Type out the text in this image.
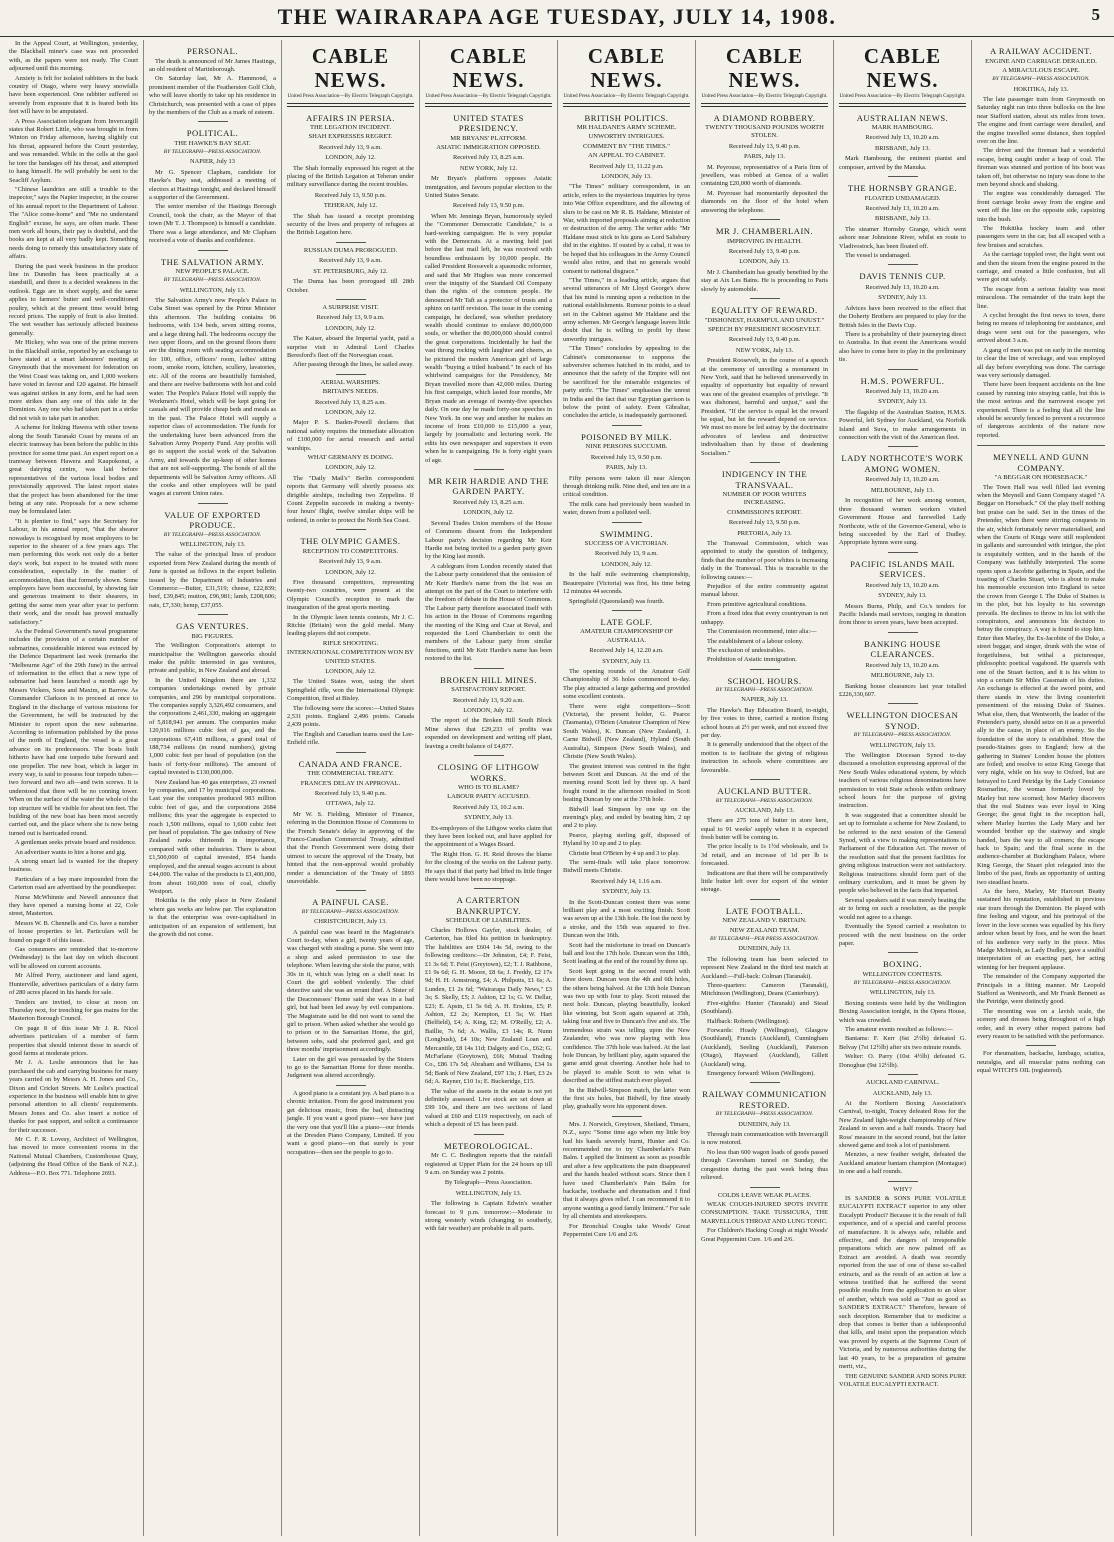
THE WAIRARAPA AGE TUESDAY, JULY 14, 1908.	5

In the Appeal Court, at Wellington, yesterday, the Blackball miner's case was not proceeded with, as the papers were not ready. The Court adjourned until this morning.

Anxiety is felt for isolated rabbiters in the back country of Otago, where very heavy snowfalls have been experienced. One rabbiter suffered so severely from exposure that it is feared both his feet will have to be amputated.

A Press Association telegram from Invercargill states that Robert Little, who was brought in from Winton on Friday afternoon, having slightly cut his throat, appeared before the Court yesterday, and was remanded. While in the cells at the gaol he tore the bandages off his throat, and attempted to hang himself. He will probably be sent to the Seacliff Asylum.

"Chinese laundries are still a trouble to the inspector," says the Napier inspector, in the course of his annual report to the Department of Labour. The "Alice come-home" and "Me no understand English" excuse, he says, are often made. These men work all hours, their pay is doubtful, and the books are kept at all very badly kept. Something needs doing to remedy this unsatisfactory state of affairs.

During the past week business in the produce line in Dunedin has been practically at a standstill, and there is a decided weakness in the outlook. Eggs are in short supply, and the same applies to farmers' butter and well-conditioned poultry, which at the present time would bring record prices. The supply of fruit is also limited. The wet weather has seriously affected business generally.

Mr Hickey, who was one of the prime movers in the Blackball strike, reported by an exchange to have stated at a smart labourers' meeting at Greymouth that the movement for federation on the West Coast was taking on, and 1,000 workers have voted in favour and 120 against. He himself was against strikes in any form, and he had seen more strikes than any one of this side in the Dominion. Any one who had taken part in a strike did not wish to take part in another.

A scheme for linking Hawera with other towns along the South Taranaki Coast by means of an electric tramway has been before the public in this province for some time past. An expert report on a tramway between Hawera and Kaupokonui, a great dairying centre, was laid before representatives of the various local bodies and provisionally approved. The latest report states that the project has been abandoned for the time being at any rate. Proposals for a new scheme may be formulated later.

"It is plentier to find," says the Secretary for Labour, in his annual report, "that the shearer nowadays is recognised by most employers to be superior to the shearer of a few years ago. The men performing this work not only do a better day's work, but expect to be treated with more consideration, especially in the matter of accommodation, than that formerly shown. Some employers have been successful, by showing fair and generous treatment to their shearers, in getting the same men year after year to perform their work, and the result has proved mutually satisfactory."

As the Federal Government's naval programme includes the provision of a certain number of submarines, considerable interest was evinced by the Defence Department last week (remarks the "Melbourne Age" of the 29th June) in the arrival of information to the effect that a new type of submarine had been launched a month ago by Messrs Vickers, Sons and Maxim, at Barrow. As Commander Clarkson is to proceed at once to England in the discharge of various missions for the Government, he will be instructed by the Minister to report upon the new submarine. According to information published by the press of the north of England, the vessel is a great advance on its predecessors. The boats built hitherto have had one torpedo tube forward and one propeller. The new boat, which is larger in every way, is said to possess four torpedo tubes—two forward and two aft—and twin screws. It is understood that there will be no conning tower. When on the surface of the water the whole of the top structure will be visible for about ten feet. The building of the new boat has been most secretly carried out, and the place where she is now being turned out is barricaded round.

A gentleman seeks private board and residence.

An advertiser wants to hire a horse and gig.

A strong smart lad is wanted for the drapery business.

Particulars of a bay mare impounded from the Carterton road are advertised by the poundkeeper.

Nurse McWhinnie and Newell announce that they have opened a nursing home at 22, Cole street, Masterton.

Messrs W. B. Chennells and Co. have a number of house properties to let. Particulars will be found on page 8 of this issue.

Gas consumers are reminded that to-morrow (Wednesday) is the last day on which discount will be allowed on current accounts.

Mr Alfred Perry, auctioneer and land agent, Hunterville, advertises particulars of a dairy farm of 280 acres placed in his hands for sale.

Tenders are invited, to close at noon on Thursday next, for trenching for gas mains for the Masterton Borough Council.

On page 8 of this issue Mr J. R. Nicol advertises particulars of a number of farm properties that should interest those in search of good farms at moderate prices.

Mr J. A. Leslie announces that he has purchased the cab and carrying business for many years carried on by Messrs A. H. Jones and Co., Dixon and Cricket Streets. Mr Leslie's practical experience in the business will enable him to give personal attention to all clients' requirements. Messrs Jones and Co. also insert a notice of thanks for past support, and solicit a continuance for their successor.

Mr C. F. R. Lovesy, Architect of Wellington, has moved to more convenient rooms in the National Mutual Chambers, Customhouse Quay, (adjoining the Head Office of the Bank of N.Z.). Address—P.O. Box 771. Telephone 2693.

PERSONAL.

The death is announced of Mr James Hastings, an old resident of Martinborough.

On Saturday last, Mr A. Hammond, a prominent member of the Featherston Golf Club, who will leave shortly to take up his residence in Christchurch, was presented with a case of pipes by the members of the Club as a mark of esteem.

POLITICAL.
THE HAWKE'S BAY SEAT.
BY TELEGRAPH—PRESS ASSOCIATION.
NAPIER, July 13

Mr G. Spencer Clapham, candidate for Hawke's Bay seat, addressed a meeting of electors at Hastings tonight, and declared himself a supporter of the Government.

The senior member of the Hastings Borough Council, took the chair, as the Mayor of that town (Mr T. J. Thompson) is himself a candidate. There was a large attendance, and Mr Clapham received a vote of thanks and confidence.

THE SALVATION ARMY.
NEW PEOPLE'S PALACE.
BY TELEGRAPH—PRESS ASSOCIATION.
WELLINGTON, July 13.

The Salvation Army's new People's Palace in Cuba Street was opened by the Prime Minister this afternoon. The building contains 96 bedrooms, with 134 beds, seven sitting rooms, and a large dining hall. The bedrooms occupy the two upper floors, and on the ground floors there are the dining room with seating accommodation for 100, office, officers' room, ladies' sitting room, smoke room, kitchen, scullery, lavatories, etc. All of the rooms are beautifully furnished, and there are twelve bathrooms with hot and cold water. The People's Palace Hotel will supply the Workmen's Hotel, which will be kept going for casuals and will provide cheap beds and meals as in the past. The Palace Hotel will supply a superior class of accommodation. The funds for the undertaking have been advanced from the Salvation Army Property Fund. Any profits will go to support the social work of the Salvation Army, and towards the up-keep of other homes that are not self-supporting. The bonds of all the departments will be Salvation Army officers. All the cooks and other employees will be paid wages at current Union rates.

VALUE OF EXPORTED PRODUCE.
BY TELEGRAPH—PRESS ASSOCIATION.
WELLINGTON, July 13.

The value of the principal lines of produce exported from New Zealand during the month of June is quoted as follows in the export bulletin issued by the Department of Industries and Commerce:—Butter, £31,519; cheese, £22,839; beef, £39,845; mutton, £96,981; lamb, £208,606; oats, £7,330; hemp, £37,055.

GAS VENTURES.
BIG FIGURES.

The Wellington Corporation's attempt to municipalise the Wellington gasworks should make the public interested in gas ventures, private and public, in New Zealand and abroad.

In the United Kingdom there are 1,332 companies undertakings owned by private companies, and 296 by municipal corporations. The companies supply 3,326,492 consumers, and the corporations 2,461,330, making an aggregate of 5,818,941 per annum. The companies make 120,916 millions cubic feet of gas, and the corporations 67,418 millions, a grand total of 188,734 millions (in round numbers), giving 1,000 cubic feet per head of population (on the basis of forty-four millions). The amount of capital invested is £130,000,000.

New Zealand has 40 gas enterprises, 23 owned by companies, and 17 by municipal corporations. Last year the companies produced 983 million cubic feet of gas, and the corporations 2684 millions; this year the aggregate is expected to reach 1,500 millions, equal to 1,600 cubic feet per head of population. The gas industry of New Zealand ranks thirteenth in importance, compared with other industries. There is about £1,500,000 of capital invested, 854 hands employed, and the annual wages account is about £44,000. The value of the products is £1,400,000, from about 160,000 tons of coal, chiefly Westport.

Hokitika is the only place in New Zealand where gas works are below par. The explanation is that the enterprise was over-capitalised in anticipation of an expansion of settlement, but the growth did not come.

CABLE NEWS.
United Press Association—By Electric Telegraph Copyright.
AFFAIRS IN PERSIA.
THE LEGATION INCIDENT.
SHAH EXPRESSES REGRET.
Received July 13, 9 a.m.
LONDON, July 12.

The Shah formally expressed his regret at the placing of the British Legation at Teheran under military surveillance during the recent troubles.

Received July 13, 9.50 p.m.
TEHERAN, July 12.

The Shah has issued a receipt promising security of the lives and property of refugees at the British Legation here.

RUSSIAN DUMA PROROGUED.
Received July 13, 9 a.m.
ST. PETERSBURG, July 12.

The Duma has been prorogued till 28th October.

A SURPRISE VISIT.
Received July 13, 9.9 a.m.
LONDON, July 12.

The Kaiser, aboard the Imperial yacht, paid a surprise visit to Admiral Lord Charles Beresford's fleet off the Norwegian coast.

After passing through the lines, he sailed away.

AERIAL WARSHIPS.
BRITAIN'S NEEDS.
Received July 13, 8.25 a.m.
LONDON, July 12.

Major P. S. Baden-Powell declares that national safety requires the immediate allocation of £100,000 for aerial research and aerial warships.

WHAT GERMANY IS DOING.
LONDON, July 12.

The "Daily Mail's" Berlin correspondent reports that Germany will shortly possess six dirigible airships, including two Zeppelins. If Count Zeppelin succeeds in making a twenty-four hours' flight, twelve similar ships will be ordered, in order to protect the North Sea Coast.

THE OLYMPIC GAMES.
RECEPTION TO COMPETITORS.
Received July 13, 9 a.m.
LONDON, July 12.

Five thousand competitors, representing twenty-two countries, were present at the Olympic Council's reception to mark the inauguration of the great sports meeting.

In the Olympic lawn tennis contests, Mr J. C. Ritchie (Britain) won the gold medal. Many leading players did not compete.

RIFLE SHOOTING.
INTERNATIONAL COMPETITION WON BY UNITED STATES.
LONDON, July 12.

The United States won, using the short Springfield rifle, won the International Olympic Competition, fired at Bisley.

The following were the scores:—United States 2,531 points. England 2,496 points. Canada 2,439 points.

The English and Canadian teams used the Lee-Enfield rifle.

CANADA AND FRANCE.
THE COMMERCIAL TREATY.
FRANCE'S DELAY IN APPROVAL.
Received July 13, 9.40 p.m.
OTTAWA, July 12.

Mr W. S. Fielding, Minister of Finance, referring in the Dominion House of Commons to the French Senate's delay in approving of the Franco-Canadian Commercial Treaty, admitted that the French Government were doing their utmost to secure the approval of the Treaty, but hinted that the non-approval would probably render a denunciation of the Treaty of 1893 unavoidable.

A PAINFUL CASE.
BY TELEGRAPH—PRESS ASSOCIATION.
CHRISTCHURCH, July 13.

A painful case was heard in the Magistrate's Court to-day, when a girl, twenty years of age, was charged with stealing a purse. She went into a shop and asked permission to use the telephone. When leaving she stole the purse, with 30s in it, which was lying on a shelf near. In Court the girl sobbed violently. The chief detective said she was an errant thief. A Sister of the Deaconesses' Home said she was in a bad girl, but had been led away by evil companions. The Magistrate said he did not want to send the girl to prison. When asked whether she would go to prison or to the Samaritan Home, the girl, between sobs, said she preferred gaol, and got three months' imprisonment accordingly.

Later on the girl was persuaded by the Sisters to go to the Samaritan Home for three months. Judgment was altered accordingly.

A good piano is a constant joy. A bad piano is a chronic irritation. From the good instrument you get delicious music, from the bad, distracting jangle. If you want a good piano—we have just the very one that you'll like a piano—our friends at the Dresden Piano Company, Limited. If you want a good piano—on that surely is your occupation—then see the people to go to.

CABLE NEWS.
United Press Association—By Electric Telegraph Copyright.
UNITED STATES PRESIDENCY.
MR BRYANS' PLATFORM.
ASIATIC IMMIGRATION OPPOSED.
Received July 13, 8.25 a.m.
NEW YORK, July 12.

Mr Bryan's platform opposes Asiatic immigration, and favours popular election to the United States Senate.

Received July 13, 9.50 p.m.

When Mr. Jennings Bryan, humorously styled the "Commoner Democratic Candidate," is a hard-working campaigner. He is very popular with the Democrats. At a meeting held just before the last mail left, he was received with boundless enthusiasm by 10,000 people. He called President Roosevelt a spasmodic reformer, and said that Mr Hughes was more concerned over the iniquity of the Standard Oil Company than the rights of the common people. He denounced Mr Taft as a protector of trusts and a sphinx on tariff revision. The issue in the coming campaign, he declared, was whether predatory wealth should continue to enslave 80,000,000 souls, or whether the 80,000,000 should control the great corporations. Incidentally he had the vast throng rocking with laughter and cheers, as he pictured the modern American girl of large wealth "buying a titled husband." In each of his whirlwind campaigns for the Presidency, Mr Bryan travelled more than 42,000 miles. During his first campaign, which lasted four months, Mr Bryan made an average of twenty-five speeches daily. On one day he made forty-one speeches in New York. In one way and another he makes an income of from £10,000 to £15,000 a year, largely by journalistic and lecturing work. He edits his own newspaper and supervises it even when he is campaigning. He is forty eight years of age.

MR KEIR HARDIE AND THE GARDEN PARTY.
Received July 13, 8.25 a.m.
LONDON, July 12.

Several Trades Union members of the House of Commons dissent from the Independent Labour party's decision regarding Mr Keir Hardie not being invited to a garden party given by the King last month.

A cablegram from London recently stated that the Labour party considered that the omission of Mr Keir Hardie's name from the list was an attempt on the part of the Court to interfere with the freedom of debate in the House of Commons. The Labour party therefore associated itself with his action in the House of Commons regarding the meeting of the King and Czar at Reval, and requested the Lord Chamberlain to omit the members of the Labour party from similar functions, until Mr Keir Hardie's name has been restored to the list.

BROKEN HILL MINES.
SATISFACTORY REPORT.
Received July 13, 9.20 a.m.
LONDON, July 12.

The report of the Broken Hill South Block Mine shows that £29,233 of profits was expended on development and writing off plant, leaving a credit balance of £4,877.

CLOSING OF LITHGOW WORKS.
WHO IS TO BLAME?
LABOUR PARTY ACCUSED.
Received July 13, 10.2 a.m.
SYDNEY, July 13.

Ex-employees of the Lithgow works claim that they have been locked out, and have applied for the appointment of a Wages Board.

The Right Hon. G. H. Reid throws the blame for the closing of the works on the Labour party. He says that if that party had lifted its little finger there would have been no stoppage.

A CARTERTON BANKRUPTCY.
SCHEDULE OF LIABILITIES.

Charles Hollows Gayfer, stock dealer, of Carterton, has filed his petition in bankruptcy. The liabilities are £604 14s 5d, owing to the following creditors:—Dr Johnston, £4; F. Feist, £1 3s 6d; T. Feist (Greytown), £2; T. J. Rathbone, £1 9s 6d; G. H. Moore, £8 6s; J. Freddy, £2 17s 9d; H. H. Armstrong, £4; A. Philpotts, £1 6s; A. Lunden, £1 2s 6d; "Wairarapa Daily News," £3 3s; S. Skelly, £5; J. Ashton, £2 1s; G. W. Dellar, £23; E. Apsin, £1 5s 6d; A. H. Erskins, £5; P. Ashton, £2 2s; Kempton, £1 5s; W. Hart (Belfield), £4; A. King, £2; M. O'Reilly, £2; A. Baillie, 7s 6d; A. Wallis, £3 14s; R. Nunn (Longbush), £4 10s; New Zealand Loan and Mercantile, £8 14s 11d; Dalgety and Co., £62; G. McFarlane (Greytown), £66; Mutual Trading Co., £86 17s 5d; Abraham and Williams, £34 1s 5d; Bank of New Zealand, £97 13s; J. Hart, £3 2s 6d; A. Rayner, £10 1s; E. Buckeridge, £15.

The value of the assets in the estate is not yet definitely assessed. Live stock are set down at £99 10s, and there are two sections of land valued at £60 and £119 respectively, on each of which a deposit of £5 has been paid.

METEOROLOGICAL.

Mr C. C. Bodington reports that the rainfall registered at Upper Plain for the 24 hours up till 9 a.m. on Sunday was 2 points.

By Telegraph—Press Association.
WELLINGTON, July 13.

The following is Captain Edwin's weather forecast to 9 p.m. tomorrow:—Moderate to strong westerly winds (changing to southerly, with fair weather) are probable in all parts.

CABLE NEWS.
United Press Association—By Electric Telegraph Copyright.
BRITISH POLITICS.
MR HALDANE'S ARMY SCHEME.
UNWORTHY INTRIGUES.
COMMENT BY "THE TIMES."
AN APPEAL TO CABINET.
Received July 13, 11.22 p.m.
LONDON, July 13.

"The Times" military correspondent, in an article, refers to the mysterious inquiries by tyros into War Office expenditure, and the allowing of slurs to be cast on Mr R. B. Haldane, Minister of War, with imported proposals aiming at reduction or destruction of the army. The writer adds: "Mr Haldane must stick to his guns as Lord Salisbury did in the eighties. If ousted by a cabal, it was to be hoped that his colleagues in the Army Council would also retire, and that no generals would consent to national disgrace."

"The Times," in a leading article, argues that several utterances of Mr Lloyd George's show that his mind is running upon a reduction in the national establishments. Rumour points to a dead set in the Cabinet against Mr Haldane and the army schemes. Mr George's language leaves little doubt that he is willing to profit by these unworthy intrigues.

"The Times" concludes by appealing to the Cabinet's commonsense to suppress the subversive schemes hatched in its midst, and to announce that the safety of the Empire will not be sacrificed for the miserable exigencies of party strife. "The Times" emphasises the unrest in India and the fact that our Egyptian garrison is below the point of safety. Even Gibraltar, concludes the article, is inadequately garrisoned.

POISONED BY MILK.
NINE PERSONS SUCCUMB.
Received July 13, 9.50 p.m.
PARIS, July 13.

Fifty persons were taken ill near Alençon through drinking milk. Nine died, and ten are in a critical condition.

The milk cans had previously been washed in water, drawn from a polluted well.

SWIMMING.
SUCCESS OF A VICTORIAN.
Received July 13, 9 a.m.
LONDON, July 12.

In the half mile swimming championship, Beaurepaire (Victoria) was first, his time being 12 minutes 44 seconds.

Springfield (Queensland) was fourth.

LATE GOLF.
AMATEUR CHAMPIONSHIP OF AUSTRALIA.
Received July 14, 12.20 a.m.
SYDNEY, July 13.

The opening rounds of the Amateur Golf Championship of 36 holes commenced to-day. The play attracted a large gathering and provided some excellent contests.

There were eight competitors—Scott (Victoria), the present holder, G. Pearce (Tasmania), O'Brien (Amateur Champion of New South Wales), K. Duncan (New Zealand), J. Carne Bidwill (New Zealand), Hyland (South Australia), Simpson (New South Wales), and Christie (New South Wales).

The greatest interest was centred in the fight between Scott and Duncan. At the end of the morning round Scott led by three up. A hard fought round in the afternoon resulted in Scott beating Duncan by one at the 37th hole.

Bidwill lead Simpson by one up on the morning's play, and ended by beating him, 2 up and 2 to play.

Pearce, playing sterling golf, disposed of Hyland by 10 up and 2 to play.

Christie beat O'Brien by 4 up and 3 to play.

The semi-finals will take place tomorrow. Bidwill meets Christie.

Received July 14, 1.16 a.m.
SYDNEY, July 13.

In the Scott-Duncan contest there was some brilliant play and a most exciting finish. Scott was seven up at the 13th hole. He lost the next by a stroke, and the 15th was squared to five. Duncan won the 16th.

Scott had the misfortune to tread on Duncan's ball and lost the 17th hole. Duncan won the 18th, Scott leading at the end of the round by three up.

Scott kept going in the second round with three down. Duncan won the 4th and 6th holes, the others being halved. At the 13th hole Duncan was two up with four to play. Scott missed the next hole. Duncan, playing beautifully, looked like winning, but Scott again squared at 35th, taking four and five to Duncan's five and six. The tremendous strain was telling upon the New Zealander, who was now playing with less confidence. The 37th hole was halved. At the last hole Duncan, by brilliant play, again squared the game amid great cheering. Another hole had to be played to enable Scott to win what is described as the stiffest match ever played.

In the Bidwill-Simpson match, the latter won the first six holes, but Bidwill, by fine steady play, gradually wore his opponent down.

Mrs. J. Norwich, Greytown, Shetland, Timaru, N.Z., says: "Some time ago when my little boy had his hands severely burnt, Hunter and Co. recommended me to try Chamberlain's Pain Balm. I applied the liniment as soon as possible and after a few applications the pain disappeared and the hands healed without scars. Since then I have used Chamberlain's Pain Balm for backache, toothache and rheumatism and I find that it always gives relief. I can recommend it to anyone wanting a good family liniment." For sale by all chemists and storekeepers.

For Bronchial Coughs take Woods' Great Peppermint Cure 1/6 and 2/6.

CABLE NEWS.
United Press Association—By Electric Telegraph Copyright.
A DIAMOND ROBBERY.
TWENTY THOUSAND POUNDS WORTH STOLEN.
Received July 13, 9.40 p.m.
PARIS, July 13.

M. Peyrouse, representative of a Paris firm of jewellers, was robbed at Genoa of a wallet containing £20,000 worth of diamonds.

M. Peyrouse had momentarily deposited the diamonds on the floor of the hotel when answering the telephone.

MR J. CHAMBERLAIN.
IMPROVING IN HEALTH.
Received July 13, 9.40 p.m.
LONDON, July 13.

Mr J. Chamberlain has greatly benefited by the stay at Aix Les Bains. He is proceeding to Paris slowly by automobile.

EQUALITY OF REWARD.
"DISHONEST, HARMFUL AND UNJUST."
SPEECH BY PRESIDENT ROOSEVELT.
Received July 13, 9.40 p.m.
NEW YORK, July 13.

President Roosevelt, in the course of a speech at the ceremony of unveiling a monument in New York, said that he believed unreservedly in equality of opportunity but equality of reward was one of the greatest examples of privilege. "It was dishonest, harmful and unjust," said the President. "If the service is equal let the reward be equal, but let the reward depend on service. We must no more be led astray by the doctrinaire advocates of lawless and destructive individualism than by those of deadening Socialism."

INDIGENCY IN THE TRANSVAAL.
NUMBER OF POOR WHITES INCREASING.
COMMISSION'S REPORT.
Received July 13, 9.50 p.m.
PRETORIA, July 13.

The Transvaal Commission, which was appointed to study the question of indigency, finds that the number of poor whites is increasing daily in the Transvaal. This is traceable to the following causes:—

Prejudice of the entire community against manual labour.

From primitive agricultural conditions.

From a fixed idea that every countryman is not unhappy.

The Commission recommend, inter alia:—

The establishment of a labour colony.

The exclusion of undesirables.

Prohibition of Asiatic immigration.

SCHOOL HOURS.
BY TELEGRAPH—PRESS ASSOCIATION.
NAPIER, July 13.

The Hawke's Bay Education Board, to-night, by five votes to three, carried a motion fixing school hours at 2½ per week, and not exceed five per day.

It is generally understood that the object of the motion is to facilitate the giving of religious instruction in schools where committees are favourable.

AUCKLAND BUTTER.
BY TELEGRAPH—PRESS ASSOCIATION.
AUCKLAND, July 13.

There are 275 tons of butter in store here, equal to 91 weeks' supply when it is expected fresh butter will be coming in.

The price locally is 1s 1½d wholesale, and 1s 3d retail, and an increase of 1d per lb is forecasted.

Indications are that there will be comparatively little butter left over for export of the winter storage.

LATE FOOTBALL.
NEW ZEALAND V. BRITAIN.
NEW ZEALAND TEAM.
BY TELEGRAPH—PER PRESS ASSOCIATION.
DUNEDIN, July 13.

The following team has been selected to represent New Zealand in the third test match at Auckland:—Full-back: Colman (Taranaki).

Three-quarters: Cameron (Taranaki), Mitchinson (Wellington), Deans (Canterbury).

Five-eighths: Hunter (Taranaki) and Stead (Southland).

Halfback: Roberts (Wellington).

Forwards: Hoady (Wellington), Glasgow (Southland), Francis (Auckland), Cunningham (Auckland), Seeling (Auckland), Paterson (Otago), Hayward (Auckland), Gillett (Auckland) wing.

Emergency forward: Wilson (Wellington).

RAILWAY COMMUNICATION RESTORED.
BY TELEGRAPH—PRESS ASSOCIATION.
DUNEDIN, July 13.

Through train communication with Invercargill is now restored.

No less than 600 wagon loads of goods passed through Caversham tunnel on Sunday, the congestion during the past week being thus relieved.

COLDS LEAVE WEAK PLACES.

WEAK COUGH-INJURED SPOTS INVITE CONSUMPTION. TAKE TUSSICURA, THE MARVELLOUS THROAT AND LUNG TONIC.

For Children's Hacking Cough at night Woods' Great Peppermint Cure. 1/6 and 2/6.

CABLE NEWS.
United Press Association—By Electric Telegraph Copyright.
AUSTRALIAN NEWS.
MARK HAMBOURG.
Received July 13, 10.20 a.m.
BRISBANE, July 13.

Mark Hambourg, the eminent pianist and composer, arrived by the Manuka.

THE HORNSBY GRANGE.
FLOATED UNDAMAGED.
Received July 13, 10.20 a.m.
BRISBANE, July 13.

The steamer Hornsby Grange, which went ashore near Johnstone River, whilst en route to Vladivostock, has been floated off.

The vessel is undamaged.

DAVIS TENNIS CUP.
Received July 13, 10.20 a.m.
SYDNEY, July 13.

Advices have been received to the effect that the Doherty Brothers are prepared to play for the British Isles in the Davis Cup.

There is a probability of their journeying direct to Australia. In that event the Americans would also have to come here to play in the preliminary tie.

H.M.S. POWERFUL.
Received July 13, 10.20 a.m.
SYDNEY, July 13.

The flagship of the Australian Station, H.M.S. Powerful, left Sydney for Auckland, via Norfolk Island and Suva, to make arrangements in connection with the visit of the American fleet.

LADY NORTHCOTE'S WORK AMONG WOMEN.
Received July 13, 10.20 a.m.
MELBOURNE, July 13.

In recognition of her work among women, three thousand women workers visited Government House and farewelled Lady Northcote, wife of the Governor-General, who is being succeeded by the Earl of Dudley. Appropriate hymns were sung.

PACIFIC ISLANDS MAIL SERVICES.
Received July 13, 10.20 a.m.
SYDNEY, July 13.

Messrs Burns, Philp, and Co.'s tenders for Pacific Islands mail services, ranging in duration from three to seven years, have been accepted.

BANKING HOUSE CLEARANCES.
Received July 13, 10.20 a.m.
MELBOURNE, July 13.

Banking house clearances last year totalled £226,330,607.

WELLINGTON DIOCESAN SYNOD.
BY TELEGRAPH—PRESS ASSOCIATION.
WELLINGTON, July 13.

The Wellington Diocesan Synod to-day discussed a resolution expressing approval of the New South Wales educational system, by which teachers of various religious denominations have permission to visit State schools within ordinary school hours for the purpose of giving instruction.

It was suggested that a committee should be set up to formulate a scheme for New Zealand, to be referred to the next session of the General Synod, with a view to making representations to Parliament of the Education Act. The mover of the resolution said that the present facilities for giving religious instruction were not satisfactory. Religious instructions should form part of the ordinary curriculum, and it must be given by people who believed in the facts that imparted.

Several speakers said it was merely beating the air to bring on such a resolution, as the people would not agree to a change.

Eventually the Synod carried a resolution to proceed with the next business on the order paper.

BOXING.
WELLINGTON CONTESTS.
BY TELEGRAPH—PRESS ASSOCIATION.
WELLINGTON, July 13.

Boxing contests were held by the Wellington Boxing Association tonight, in the Opera House, which was crowded.

The amateur events resulted as follows:—

Bantams: F. Kerr (6st 2½lb) defeated G. Belvay (7st 12½lb) after six two minute rounds.

Welter: O. Parry (10st 4½lb) defeated G. Donoghue (9st 12½lb).

AUCKLAND CARNIVAL.
AUCKLAND, July 13.

At the Northern Boxing Association's Carnival, to-night, Tracey defeated Ross for the New Zealand light-weight championship of New Zealand in seven and a half rounds. Tracey had Ross' measure in the second round, but the latter showed game and took a lot of punishment.

Menzies, a new feather weight, defeated the Auckland amateur bantam champion (Montague) in one and a half rounds.

WHY?

IS SANDER & SONS PURE VOLATILE EUCALYPTI EXTRACT superior to any other Eucalypti Product? Because it is the result of full experience, and of a special and careful process of manufacture. It is always safe, reliable and effective, and the dangers of irresponsible preparations which are now palmed off as Extract are avoided. A death was recently reported from the use of one of these so-called extracts, and as the result of an action at law a witness testified that he suffered the worst possible results from the application to an ulcer of another, which was sold as "Just as good as SANDER'S EXTRACT." Therefore, beware of such deception. Remember that to medicine a drop that comes is better than a tablespoonful that kills, and insist upon the preparation which was proved by experts at the Supreme Court of Victoria, and by numerous authorities during the last 40 years, to be a preparation of genuine merit, viz.,

THE GENUINE SANDER AND SONS PURE VOLATILE EUCALYPTI EXTRACT.

A RAILWAY ACCIDENT.
ENGINE AND CARRIAGE DERAILED.
A MIRACULOUS ESCAPE.
BY TELEGRAPH—PRESS ASSOCIATION.
HOKITIKA, July 13.

The late passenger train from Greymouth on Saturday night ran into three bullocks on the line near Stafford station, about six miles from town. The engine and front carriage were derailed, and the engine travelled some distance, then toppled over on the line.

The driver and the fireman had a wonderful escape, being caught under a heap of coal. The fireman was stunned and portion of his boot was taken off, but otherwise no injury was done to the men beyond shock and shaking.

The engine was considerably damaged. The front carriage broke away from the engine and went off the line on the opposite side, capsizing into the bush.

The Hokitika hockey team and other passengers were in the car, but all escaped with a few bruises and scratches.

As the carriage toppled over, the light went out and then the steam from the engine poured in the carriage, and created a little confusion, but all were got out safely.

The escape from a serious fatality was most miraculous. The remainder of the train kept the line.

A cyclist brought the first news to town, there being no means of telephoning for assistance, and drags were sent out for the passengers, who arrived about 3 a.m.

A gang of men was put on early in the morning to clear the line of wreckage, and was employed all day before everything was done. The carriage was very seriously damaged.

There have been frequent accidents on the line caused by running into straying cattle, but this is the most serious and the narrowest escape yet experienced. There is a feeling that all the line should be securely fenced to prevent a recurrence of dangerous accidents of the nature now reported.

MEYNELL AND GUNN COMPANY.
"A BEGGAR ON HORSEBACK."

The Town Hall was well filled last evening when the Meynell and Gunn Company staged "A Beggar on Horseback." Of the play itself nothing but praise can be said. Set in the times of the Pretender, when there were stirring conquests in the air, which fortunately never materialised, and when the Courts of Kings were still resplendent in gallants and surrounded with intrigue, the plot is exquisitely written, and in the hands of the Company was faithfully interpreted. The scene opens upon a Jacobite gathering in Spain, and the toasting of Charles Stuart, who is about to make his memorable excursion into England to seize the crown from George I. The Duke of Staines is in the plot, but his loyalty to his sovereign prevails. He declines to throw in his lot with the conspirators, and announces his decision to betray the conspiracy. A way is found to stop him. Enter then Marley, the Ex-Jacobite of the Duke, a street beggar, and singer, drunk with the wine of forgetfulness, but withal a picturesque, philosophic poetical vagabond. He quarrels with one of the Stuart faction, and it is his whim to stop a certain Sir Miles Cassmain of his duties. An exchange is effected at the sword point, and there stands in view the living counterfeit presentment of the missing Duke of Staines. What else, then, that Wentworth, the leader of the Pretender's party, should seize on it as a powerful ally to the cause, in place of an enemy. So the foundation of the story is established. How the pseudo-Staines goes to England; how at the gathering in Staines' London house the plotters are foiled; and resolve to seize King George that very night, while on his way to Oxford, but are betrayed to Lord Petridge by the Lady Constance Rosmarline, the woman formerly loved by Marley but now scorned; how Marley discovers that the real Staines was ever loyal to King George; the great fight in the reception hall, where Marley hurries the Lady Mary and her wounded brother up the stairway and single handed, bars the way to all comers; the escape back to Spain; and the final scene in the audience-chamber at Buckingham Palace, where King George, the Stuart plot relegated into the limbo of the past, finds an opportunity of uniting two steadfast hearts.

As the hero, Marley, Mr Harcourt Beatty sustained his reputation, established in previous star tours through the Dominion. He played with fine feeling and vigour, and his portrayal of the lover in the love scenes was equalled by his fiery ardour when beset by foes, and he won the heart of his audience very early in the piece. Miss Madge McIntosh, as Lady Dudley, gave a soulful interpretation of an exacting part, her acting winning for her frequent applause.

The remainder of the Company supported the Principals in a fitting manner. Mr Leopold Stafford as Wentworth, and Mr Frank Bennett as the Petridge, were distinctly good.

The mounting was on a lavish scale, the scenery and dresses being throughout of a high order, and in every other respect patrons had every reason to be satisfied with the performance.

For rheumatism, backache, lumbago, sciatica, neuralgia, and all muscular pains nothing can equal WITCH'S OIL (registered).
